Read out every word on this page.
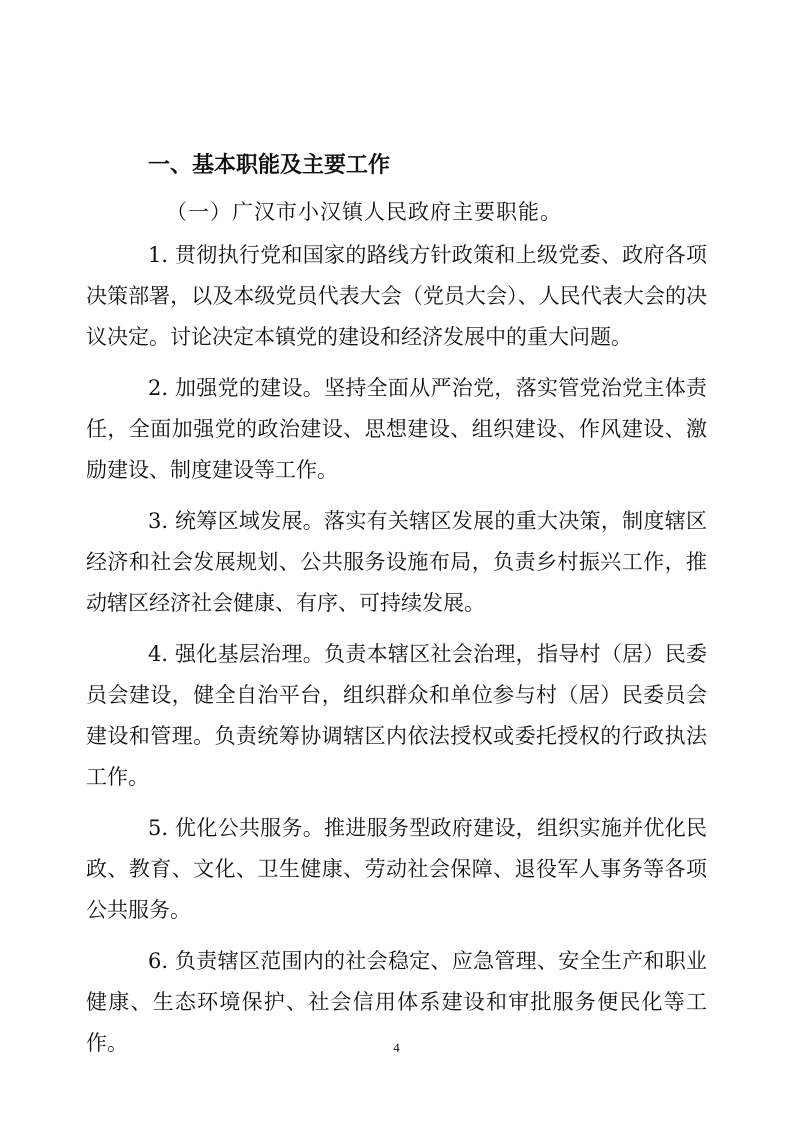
一、基本职能及主要工作
（一）广汉市小汉镇人民政府主要职能。

1. 贯彻执行党和国家的路线方针政策和上级党委、政府各项决策部署，以及本级党员代表大会（党员大会）、人民代表大会的决议决定。讨论决定本镇党的建设和经济发展中的重大问题。

2. 加强党的建设。坚持全面从严治党，落实管党治党主体责任，全面加强党的政治建设、思想建设、组织建设、作风建设、激励建设、制度建设等工作。

3. 统筹区域发展。落实有关辖区发展的重大决策，制度辖区经济和社会发展规划、公共服务设施布局，负责乡村振兴工作，推动辖区经济社会健康、有序、可持续发展。

4. 强化基层治理。负责本辖区社会治理，指导村（居）民委员会建设，健全自治平台，组织群众和单位参与村（居）民委员会建设和管理。负责统筹协调辖区内依法授权或委托授权的行政执法工作。

5. 优化公共服务。推进服务型政府建设，组织实施并优化民政、教育、文化、卫生健康、劳动社会保障、退役军人事务等各项公共服务。

6. 负责辖区范围内的社会稳定、应急管理、安全生产和职业健康、生态环境保护、社会信用体系建设和审批服务便民化等工作。	4
